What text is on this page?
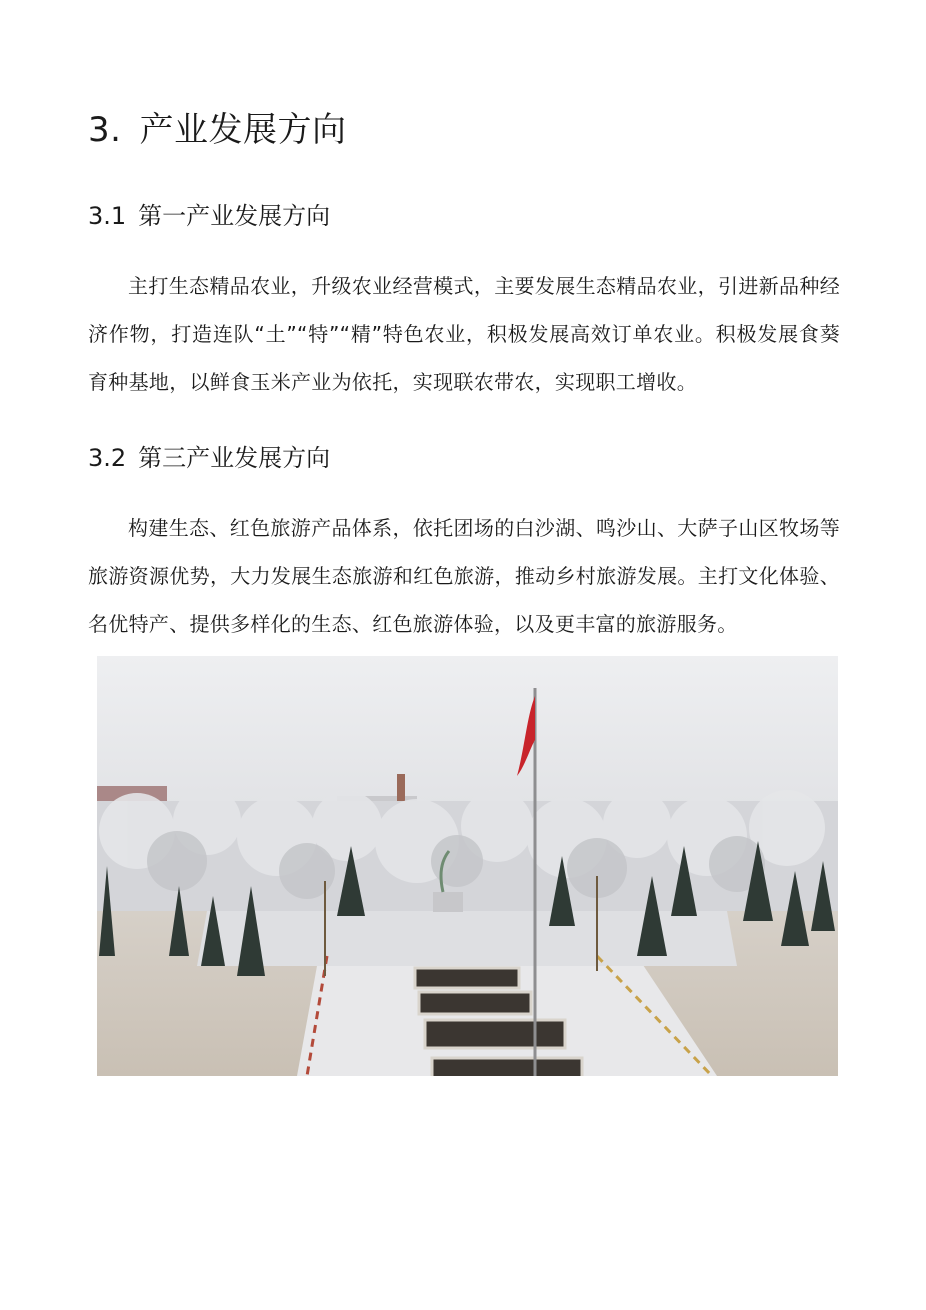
3. 产业发展方向
3.1 第一产业发展方向

主打生态精品农业，升级农业经营模式，主要发展生态精品农业，引进新品种经济作物，打造连队“土”“特”“精”特色农业，积极发展高效订单农业。积极发展食葵育种基地，以鲜食玉米产业为依托，实现联农带农，实现职工增收。

3.2 第三产业发展方向

构建生态、红色旅游产品体系，依托团场的白沙湖、鸣沙山、大萨子山区牧场等旅游资源优势，大力发展生态旅游和红色旅游，推动乡村旅游发展。主打文化体验、名优特产、提供多样化的生态、红色旅游体验，以及更丰富的旅游服务。
